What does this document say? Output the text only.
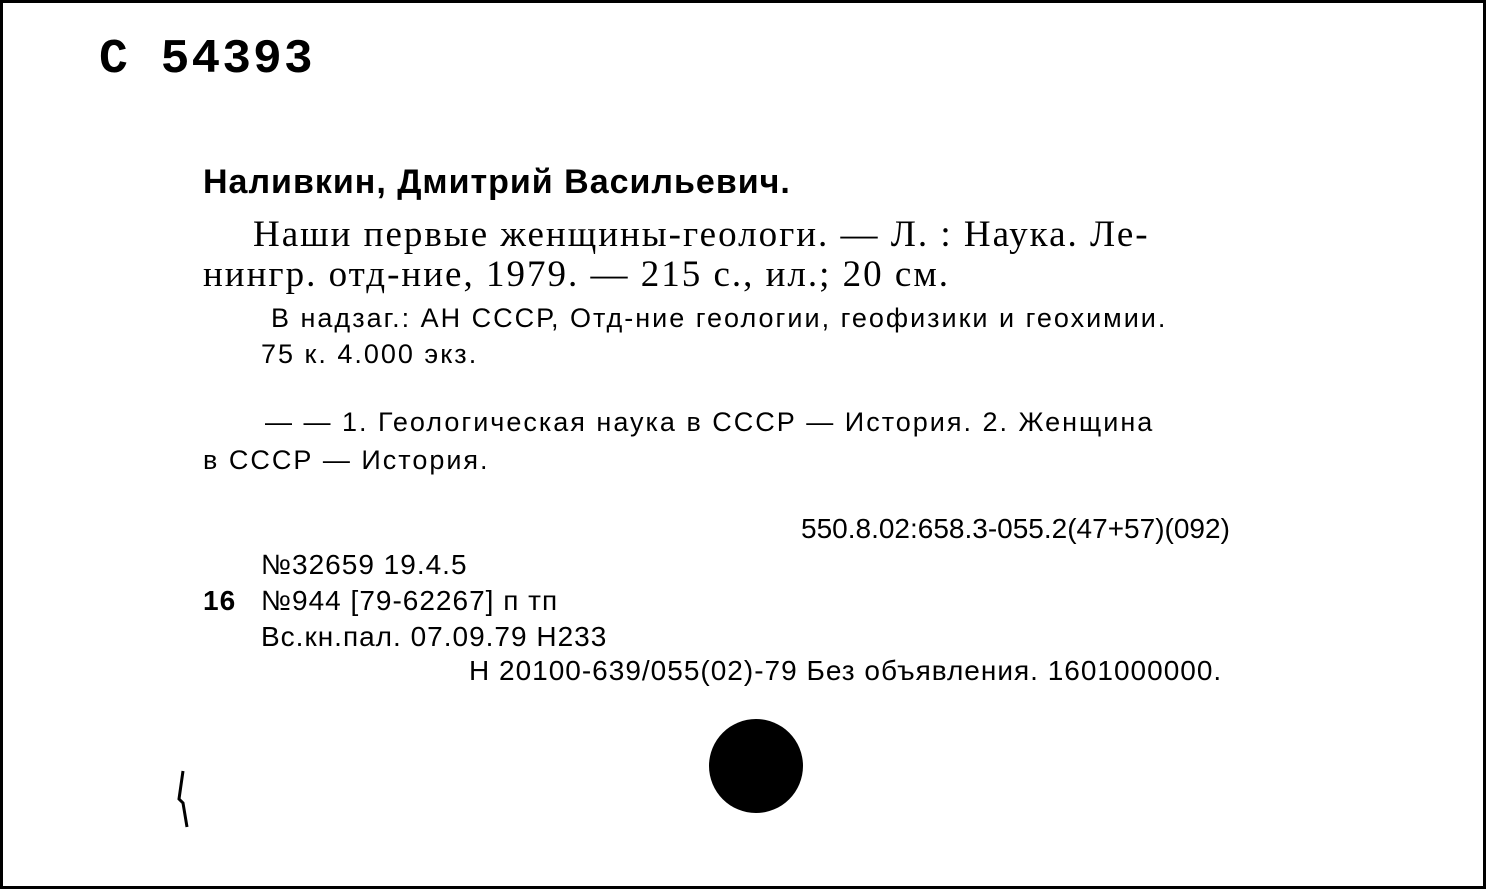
С 54393
Наливкин, Дмитрий Васильевич.
Наши первые женщины-геологи. — Л. : Наука. Ле-
нингр. отд-ние, 1979. — 215 с., ил.; 20 см.
В надзаг.: АН СССР, Отд-ние геологии, геофизики и геохимии.
75 к. 4.000 экз.
— — 1. Геологическая наука в СССР — История. 2. Женщина
в СССР — История.
550.8.02:658.3-055.2(47+57)(092)
№32659 19.4.5
16 №944 [79-62267] п тп
Вс.кн.пал. 07.09.79 Н233
Н 20100-639/055(02)-79 Без объявления. 1601000000.
